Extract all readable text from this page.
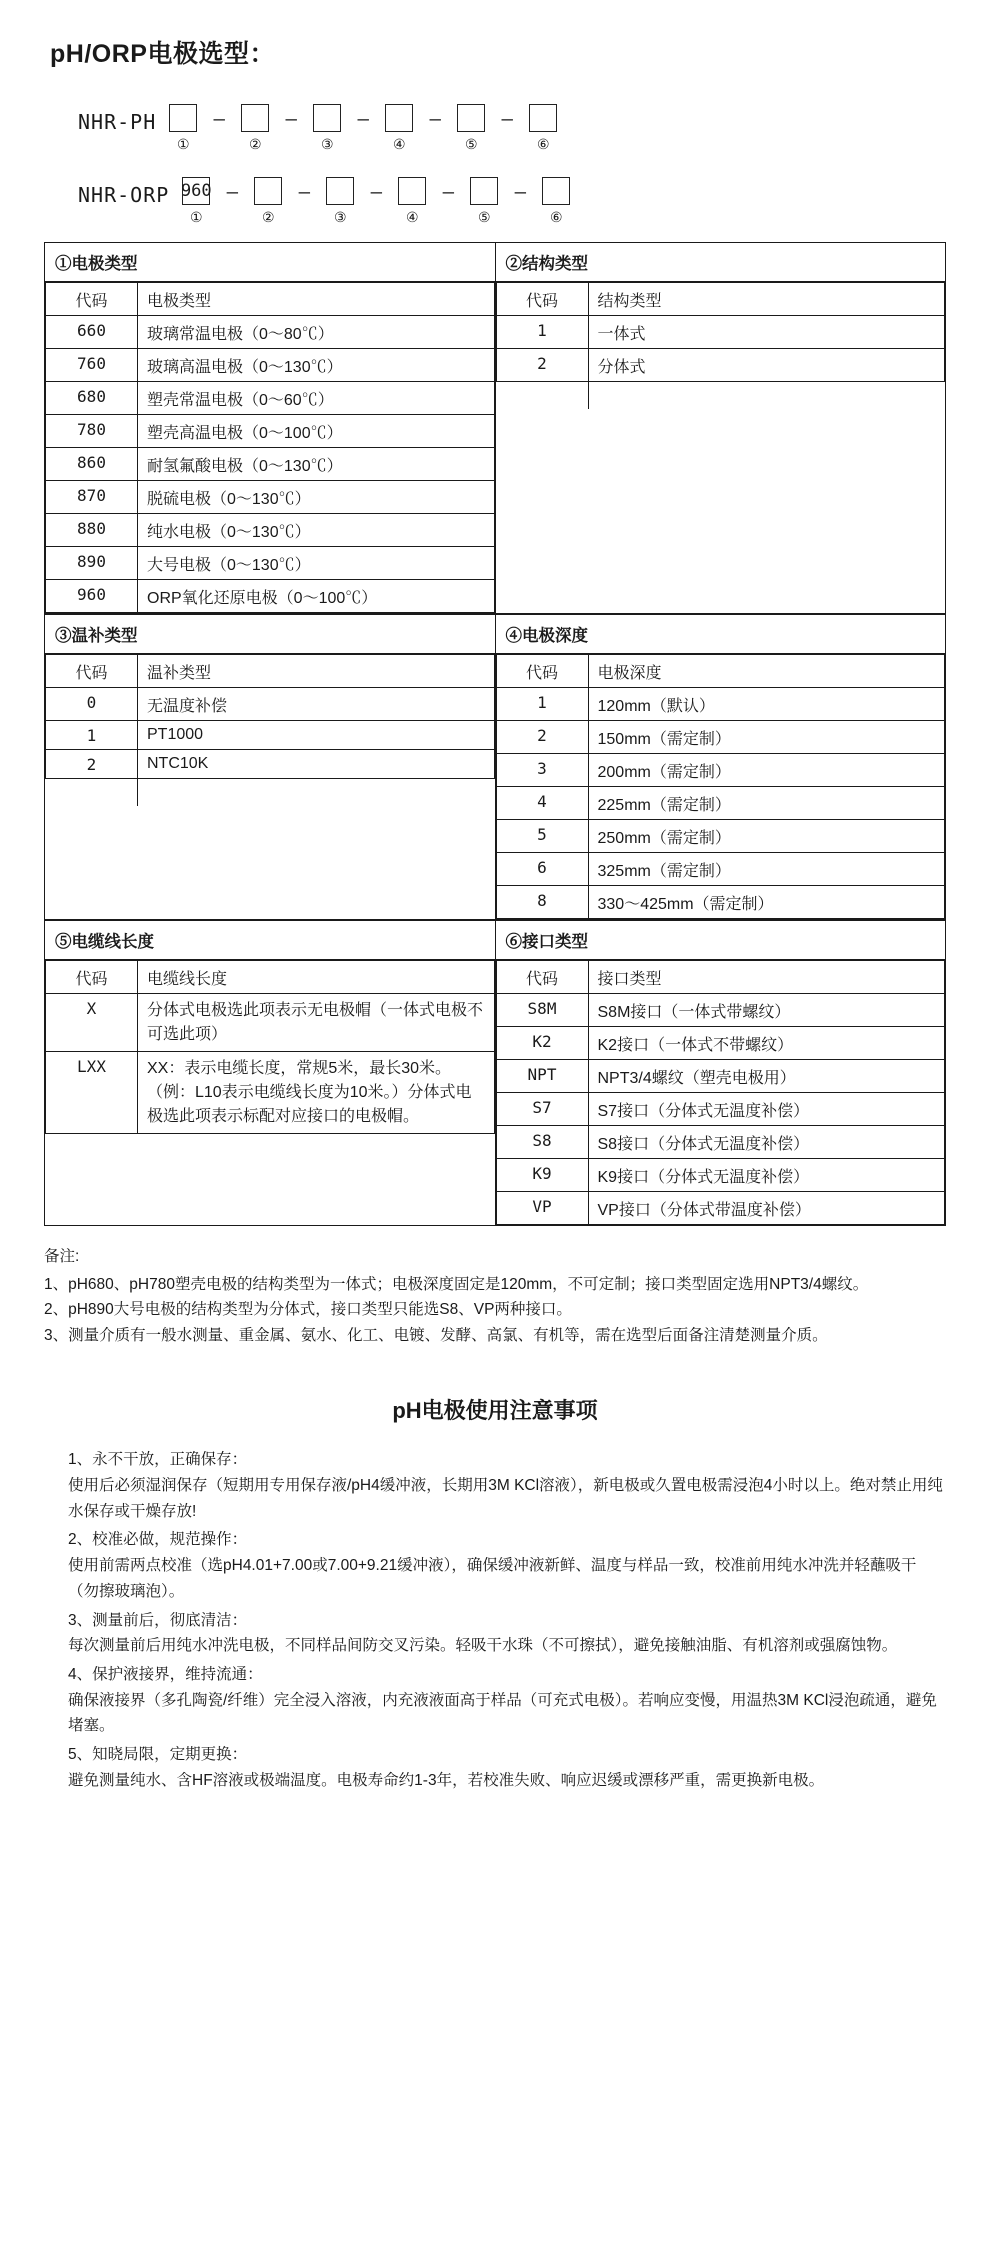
pH/ORP电极选型：
NHR-PH
①
—
②
—
③
—
④
—
⑤
—
⑥
NHR-ORP 960
①
—
②
—
③
—
④
—
⑤
—
⑥
①电极类型
代码	电极类型
660	玻璃常温电极（0～80℃）
760	玻璃高温电极（0～130℃）
680	塑壳常温电极（0～60℃）
780	塑壳高温电极（0～100℃）
860	耐氢氟酸电极（0～130℃）
870	脱硫电极（0～130℃）
880	纯水电极（0～130℃）
890	大号电极（0～130℃）
960	ORP氧化还原电极（0～100℃）

②结构类型
代码	结构类型
1	一体式
2	分体式

③温补类型
代码	温补类型
0	无温度补偿
1	PT1000
2	NTC10K

④电极深度
代码	电极深度
1	120mm（默认）
2	150mm（需定制）
3	200mm（需定制）
4	225mm（需定制）
5	250mm（需定制）
6	325mm（需定制）
8	330～425mm（需定制）
⑤电缆线长度
代码	电缆线长度
X	分体式电极选此项表示无电极帽（一体式电极不可选此项）
LXX	XX：表示电缆长度，常规5米，最长30米。（例：L10表示电缆线长度为10米。）分体式电极选此项表示标配对应接口的电极帽。

⑥接口类型
代码	接口类型
S8M	S8M接口（一体式带螺纹）
K2	K2接口（一体式不带螺纹）
NPT	NPT3/4螺纹（塑壳电极用）
S7	S7接口（分体式无温度补偿）
S8	S8接口（分体式无温度补偿）
K9	K9接口（分体式无温度补偿）
VP	VP接口（分体式带温度补偿）

备注:

1、pH680、pH780塑壳电极的结构类型为一体式；电极深度固定是120mm，不可定制；接口类型固定选用NPT3/4螺纹。

2、pH890大号电极的结构类型为分体式，接口类型只能选S8、VP两种接口。

3、测量介质有一般水测量、重金属、氨水、化工、电镀、发酵、高氯、有机等，需在选型后面备注清楚测量介质。

pH电极使用注意事项
1、永不干放，正确保存：
使用后必须湿润保存（短期用专用保存液/pH4缓冲液，长期用3M KCl溶液），新电极或久置电极需浸泡4小时以上。绝对禁止用纯水保存或干燥存放!
2、校准必做，规范操作：
使用前需两点校准（选pH4.01+7.00或7.00+9.21缓冲液），确保缓冲液新鲜、温度与样品一致，校准前用纯水冲洗并轻蘸吸干（勿擦玻璃泡）。
3、测量前后，彻底清洁：
每次测量前后用纯水冲洗电极，不同样品间防交叉污染。轻吸干水珠（不可擦拭），避免接触油脂、有机溶剂或强腐蚀物。
4、保护液接界，维持流通：
确保液接界（多孔陶瓷/纤维）完全浸入溶液，内充液液面高于样品（可充式电极）。若响应变慢，用温热3M KCl浸泡疏通，避免堵塞。
5、知晓局限，定期更换：
避免测量纯水、含HF溶液或极端温度。电极寿命约1-3年，若校准失败、响应迟缓或漂移严重，需更换新电极。
